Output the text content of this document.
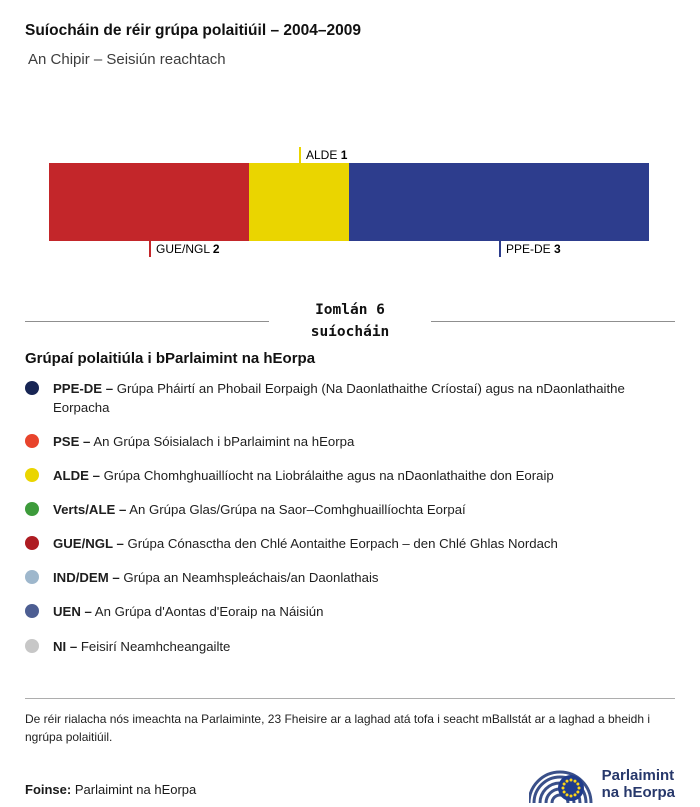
Suíocháin de réir grúpa polaitiúil – 2004–2009
An Chipir – Seisiún reachtach
GUE/NGL 2
ALDE 1
PPE-DE 3
Iomlán 6
suíocháin
Grúpaí polaitiúla i bParlaimint na hEorpa

PPE-DE – Grúpa Pháirtí an Phobail Eorpaigh (Na Daonlathaithe Críostaí) agus na nDaonlathaithe Eorpacha

PSE – An Grúpa Sóisialach i bParlaimint na hEorpa

ALDE – Grúpa Chomhghuaillíocht na Liobrálaithe agus na nDaonlathaithe don Eoraip

Verts/ALE – An Grúpa Glas/Grúpa na Saor–Comhghuaillíochta Eorpaí

GUE/NGL – Grúpa Cónasctha den Chlé Aontaithe Eorpach – den Chlé Ghlas Nordach

IND/DEM – Grúpa an Neamhspleáchais/an Daonlathais

UEN – An Grúpa d'Aontas d'Eoraip na Náisiún

NI – Feisirí Neamhcheangailte

De réir rialacha nós imeachta na Parlaiminte, 23 Fheisire ar a laghad atá tofa i seacht mBallstát ar a laghad a bheidh i ngrúpa polaitiúil.

Foinse: Parlaimint na hEorpa

Parlaimint
na hEorpa
